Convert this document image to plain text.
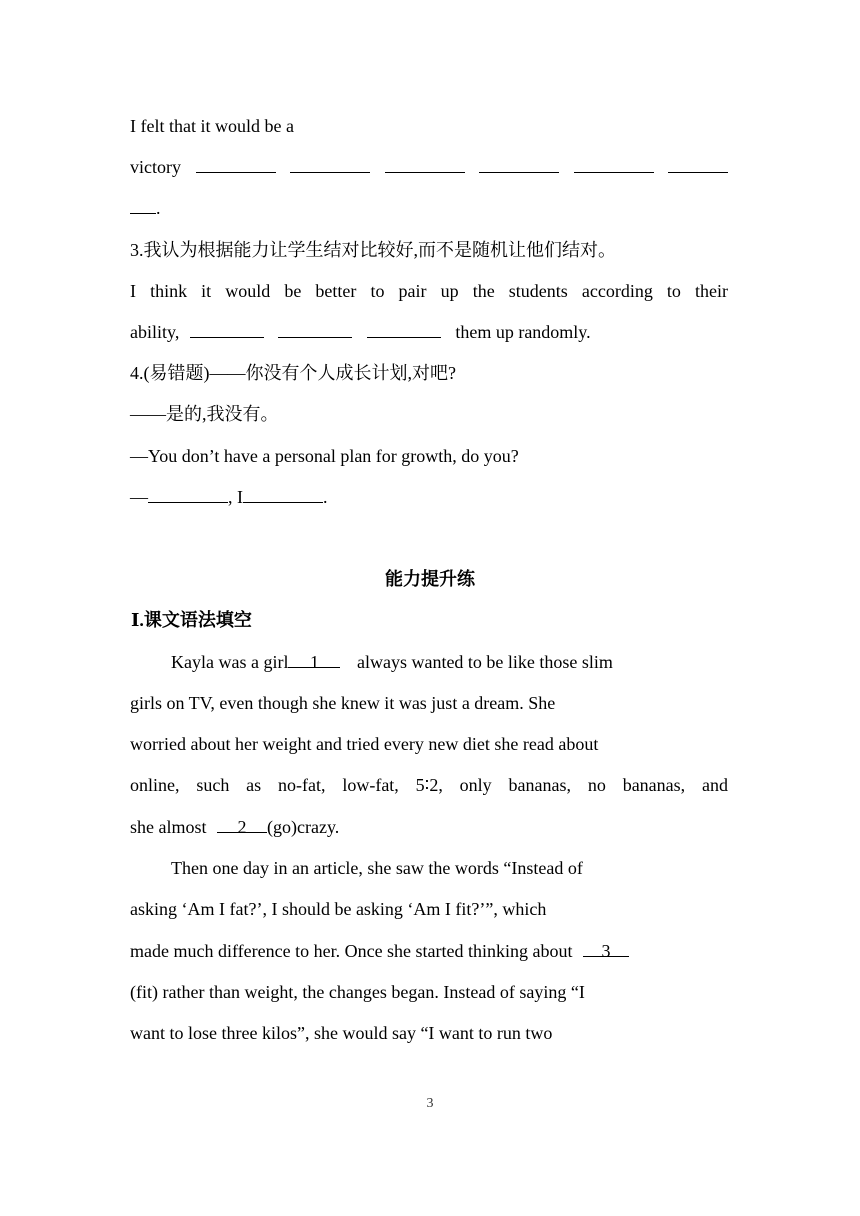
I felt that it would be a
victory
.
3.我认为根据能力让学生结对比较好,而不是随机让他们结对。
I think it would be better to pair up the students according to their
ability,	them up randomly.
4.(易错题)——你没有个人成长计划,对吧?
——是的,我没有。
—You don’t have a personal plan for growth, do you?
—	, I	.
能力提升练
Ⅰ.课文语法填空
Kayla was a girl 1 always wanted to be like those slim
girls on TV, even though she knew it was just a dream. She
worried about her weight and tried every new diet she read about
online, such as no-fat, low-fat, 5∶2, only bananas, no bananas, and
she almost 2 (go)crazy.
Then one day in an article, she saw the words “Instead of
asking ‘Am I fat?’, I should be asking ‘Am I fit?’”, which
made much difference to her. Once she started thinking about 3
(fit) rather than weight, the changes began. Instead of saying “I
want to lose three kilos”, she would say “I want to run two
3
